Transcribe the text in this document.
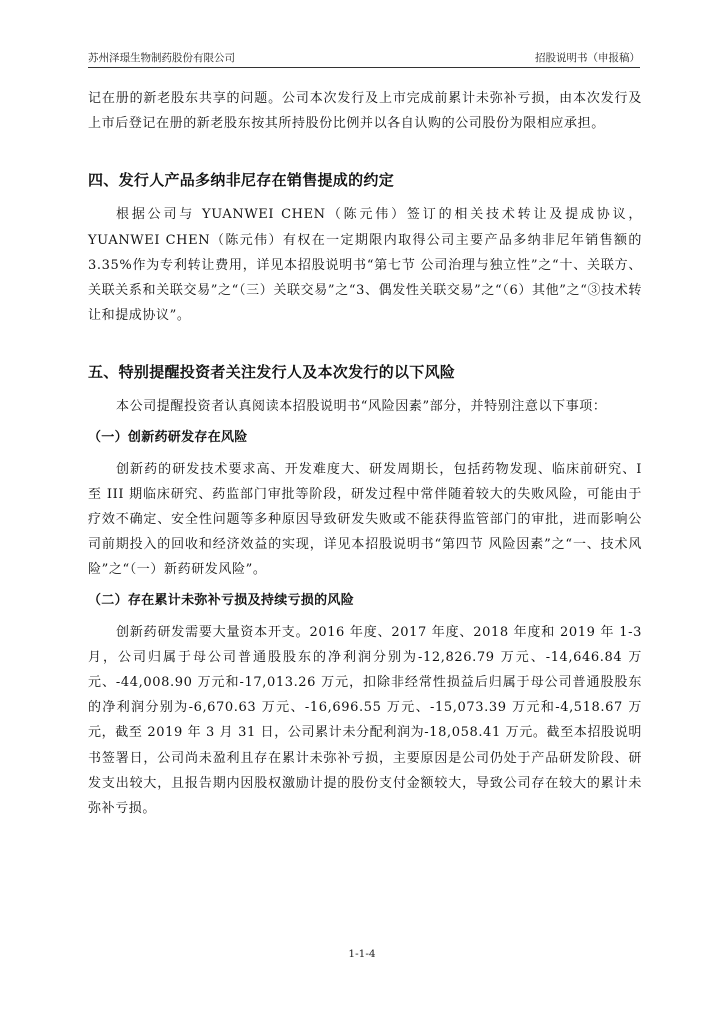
苏州泽璟生物制药股份有限公司	招股说明书（申报稿）

记在册的新老股东共享的问题。公司本次发行及上市完成前累计未弥补亏损，由本次发行及上市后登记在册的新老股东按其所持股份比例并以各自认购的公司股份为限相应承担。

四、发行人产品多纳非尼存在销售提成的约定

根据公司与 YUANWEI CHEN（陈元伟）签订的相关技术转让及提成协议，YUANWEI CHEN（陈元伟）有权在一定期限内取得公司主要产品多纳非尼年销售额的3.35%作为专利转让费用，详见本招股说明书“第七节 公司治理与独立性”之“十、关联方、关联关系和关联交易”之“（三）关联交易”之“3、偶发性关联交易”之“（6）其他”之“③技术转让和提成协议”。

五、特别提醒投资者关注发行人及本次发行的以下风险

本公司提醒投资者认真阅读本招股说明书“风险因素”部分，并特别注意以下事项：

（一）创新药研发存在风险

创新药的研发技术要求高、开发难度大、研发周期长，包括药物发现、临床前研究、I 至 III 期临床研究、药监部门审批等阶段，研发过程中常伴随着较大的失败风险，可能由于疗效不确定、安全性问题等多种原因导致研发失败或不能获得监管部门的审批，进而影响公司前期投入的回收和经济效益的实现，详见本招股说明书“第四节 风险因素”之“一、技术风险”之“（一）新药研发风险”。

（二）存在累计未弥补亏损及持续亏损的风险

创新药研发需要大量资本开支。2016 年度、2017 年度、2018 年度和 2019 年 1-3 月，公司归属于母公司普通股股东的净利润分别为-12,826.79 万元、-14,646.84 万元、-44,008.90 万元和-17,013.26 万元，扣除非经常性损益后归属于母公司普通股股东的净利润分别为-6,670.63 万元、-16,696.55 万元、-15,073.39 万元和-4,518.67 万元，截至 2019 年 3 月 31 日，公司累计未分配利润为-18,058.41 万元。截至本招股说明书签署日，公司尚未盈利且存在累计未弥补亏损，主要原因是公司仍处于产品研发阶段、研发支出较大，且报告期内因股权激励计提的股份支付金额较大，导致公司存在较大的累计未弥补亏损。

1-1-4
